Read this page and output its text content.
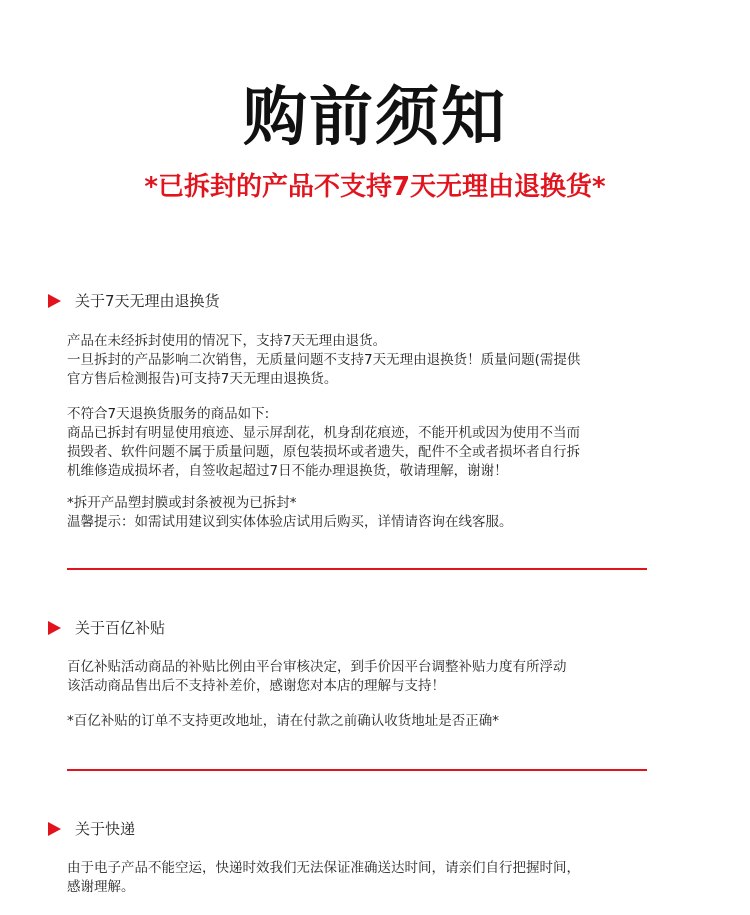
购前须知
*已拆封的产品不支持7天无理由退换货*
关于7天无理由退换货
产品在未经拆封使用的情况下，支持7天无理由退货。
一旦拆封的产品影响二次销售，无质量问题不支持7天无理由退换货！质量问题(需提供
官方售后检测报告)可支持7天无理由退换货。
不符合7天退换货服务的商品如下:
商品已拆封有明显使用痕迹、显示屏刮花，机身刮花痕迹，不能开机或因为使用不当而
损毁者、软件问题不属于质量问题，原包装损坏或者遗失，配件不全或者损坏者自行拆
机维修造成损坏者，自签收起超过7日不能办理退换货，敬请理解，谢谢！
*拆开产品塑封膜或封条被视为已拆封*
温馨提示：如需试用建议到实体体验店试用后购买，详情请咨询在线客服。
关于百亿补贴
百亿补贴活动商品的补贴比例由平台审核决定，到手价因平台调整补贴力度有所浮动
该活动商品售出后不支持补差价，感谢您对本店的理解与支持！
*百亿补贴的订单不支持更改地址，请在付款之前确认收货地址是否正确*
关于快递
由于电子产品不能空运，快递时效我们无法保证准确送达时间，请亲们自行把握时间，
感谢理解。
